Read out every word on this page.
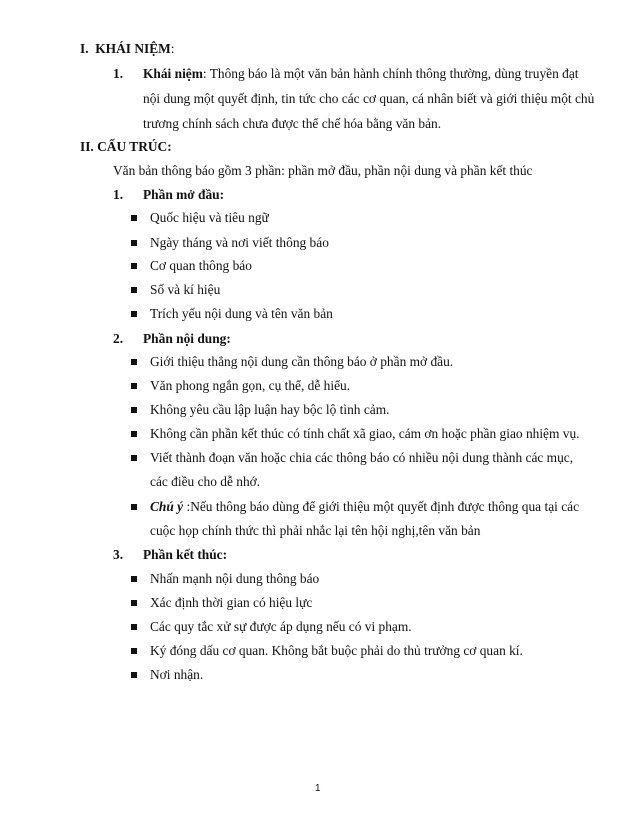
I. KHÁI NIỆM:
1. Khái niệm: Thông báo là một văn bản hành chính thông thường, dùng truyền đạt
nội dung một quyết định, tin tức cho các cơ quan, cá nhân biết và giới thiệu một chủ
trương chính sách chưa được thể chế hóa bằng văn bản.
II. CẤU TRÚC:
Văn bản thông báo gồm 3 phần: phần mở đầu, phần nội dung và phần kết thúc
1. Phần mở đầu:
Quốc hiệu và tiêu ngữ
Ngày tháng và nơi viết thông báo
Cơ quan thông báo
Số và kí hiệu
Trích yếu nội dung và tên văn bản
2. Phần nội dung:
Giới thiệu thẳng nội dung cần thông báo ở phần mở đầu.
Văn phong ngắn gọn, cụ thể, dễ hiểu.
Không yêu cầu lập luận hay bộc lộ tình cảm.
Không cần phần kết thúc có tính chất xã giao, cám ơn hoặc phần giao nhiệm vụ.
Viết thành đoạn văn hoặc chia các thông báo có nhiều nội dung thành các mục,
các điều cho dễ nhớ.
Chú ý :Nếu thông báo dùng để giới thiệu một quyết định được thông qua tại các
cuộc họp chính thức thì phải nhắc lại tên hội nghị,tên văn bản
3. Phần kết thúc:
Nhấn mạnh nội dung thông báo
Xác định thời gian có hiệu lực
Các quy tắc xử sự được áp dụng nếu có vi phạm.
Ký đóng dấu cơ quan. Không bắt buộc phải do thủ trưởng cơ quan kí.
Nơi nhận.
1
